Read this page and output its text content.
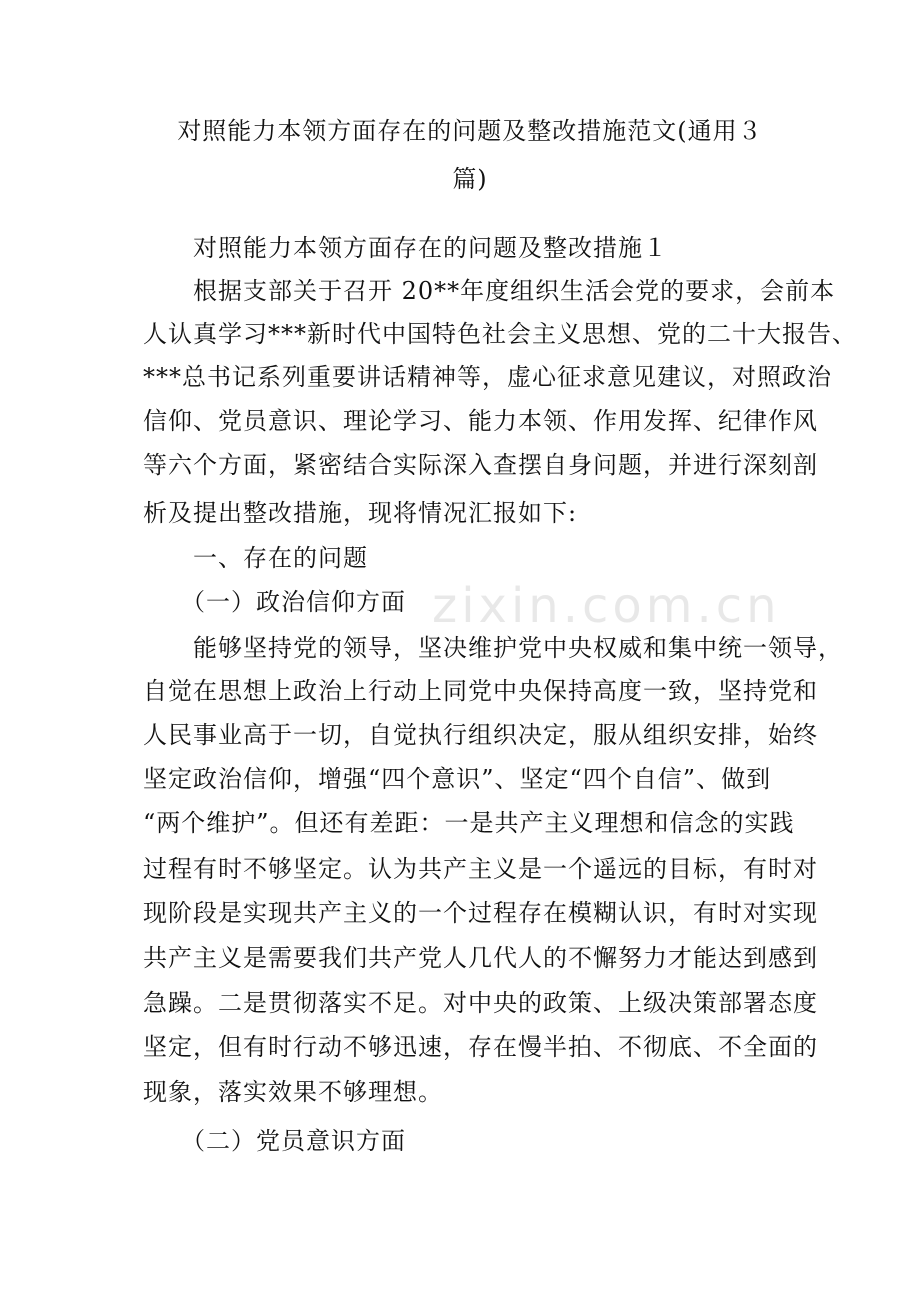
对照能力本领方面存在的问题及整改措施范文(通用３
篇)
　　对照能力本领方面存在的问题及整改措施１
　　根据支部关于召开 20**年度组织生活会党的要求，会前本
人认真学习***新时代中国特色社会主义思想、党的二十大报告、
***总书记系列重要讲话精神等，虚心征求意见建议，对照政治
信仰、党员意识、理论学习、能力本领、作用发挥、纪律作风
等六个方面，紧密结合实际深入查摆自身问题，并进行深刻剖
析及提出整改措施，现将情况汇报如下:
　　一、存在的问题
　　（一）政治信仰方面
　　能够坚持党的领导，坚决维护党中央权威和集中统一领导，
自觉在思想上政治上行动上同党中央保持高度一致，坚持党和
人民事业高于一切，自觉执行组织决定，服从组织安排，始终
坚定政治信仰，增强“四个意识”、坚定“四个自信”、做到
“两个维护”。但还有差距：一是共产主义理想和信念的实践
过程有时不够坚定。认为共产主义是一个遥远的目标，有时对
现阶段是实现共产主义的一个过程存在模糊认识，有时对实现
共产主义是需要我们共产党人几代人的不懈努力才能达到感到
急躁。二是贯彻落实不足。对中央的政策、上级决策部署态度
坚定，但有时行动不够迅速，存在慢半拍、不彻底、不全面的
现象，落实效果不够理想。
　　（二）党员意识方面
zixin.com.cn
